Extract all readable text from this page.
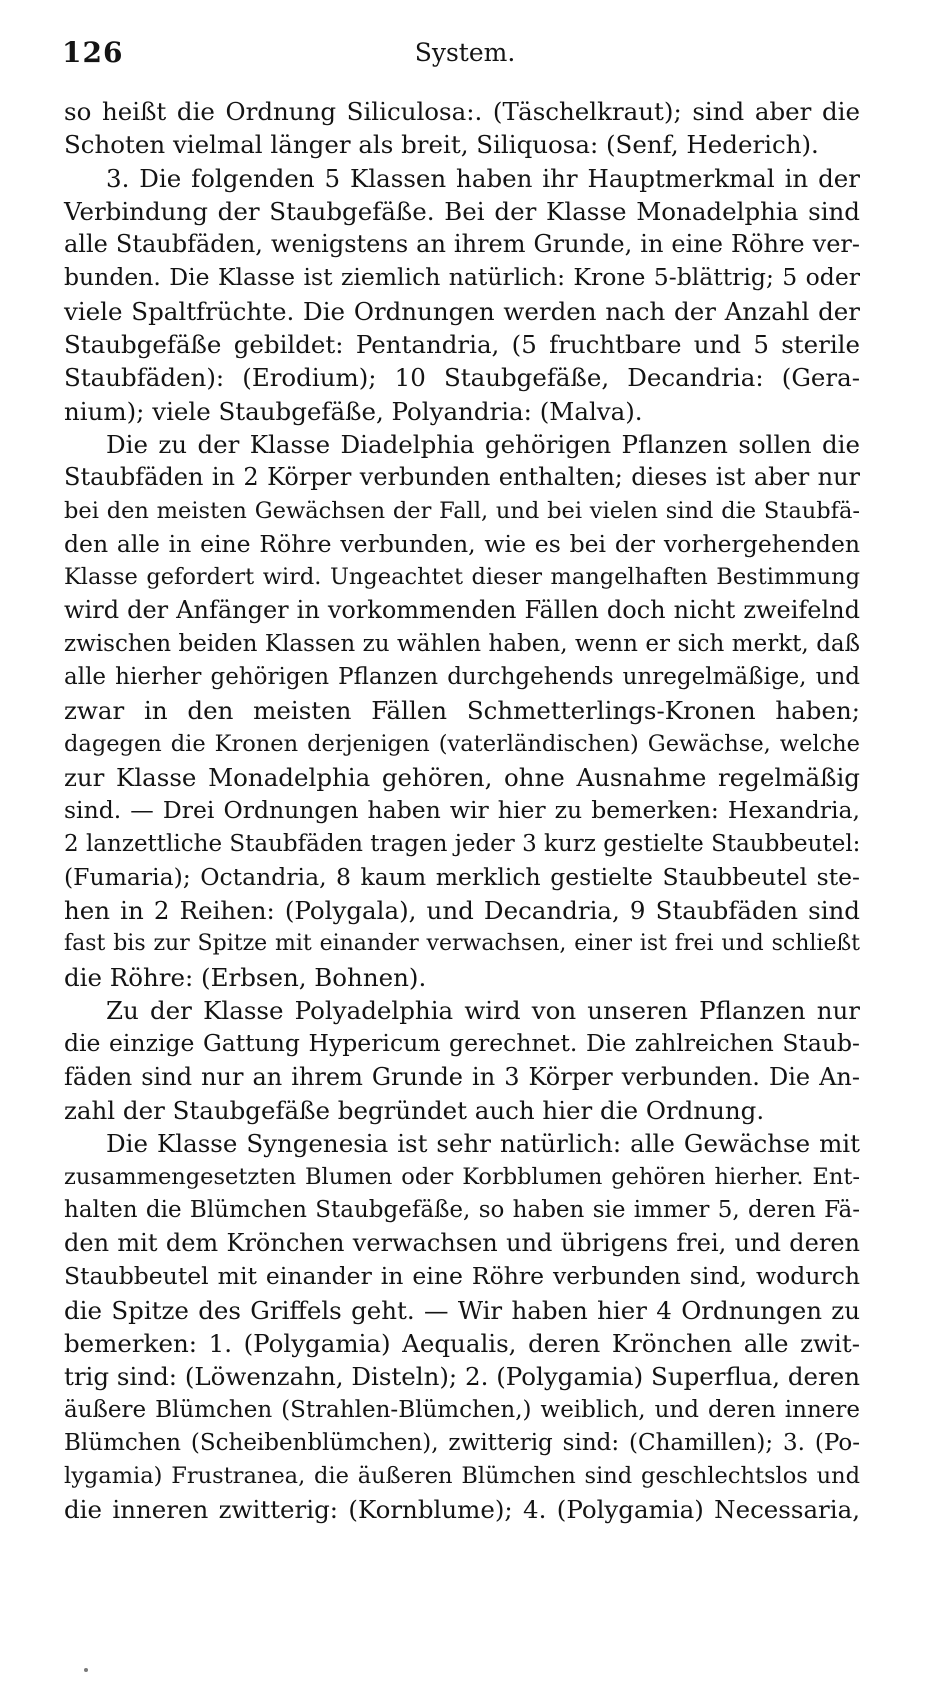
126	System.
so heißt die Ordnung Siliculosa:. (Täschelkraut); sind aber die
Schoten vielmal länger als breit, Siliquosa: (Senf, Hederich).
3. Die folgenden 5 Klassen haben ihr Hauptmerkmal in der
Verbindung der Staubgefäße. Bei der Klasse Monadelphia sind
alle Staubfäden, wenigstens an ihrem Grunde, in eine Röhre ver-
bunden. Die Klasse ist ziemlich natürlich: Krone 5-blättrig; 5 oder
viele Spaltfrüchte. Die Ordnungen werden nach der Anzahl der
Staubgefäße gebildet: Pentandria, (5 fruchtbare und 5 sterile
Staubfäden): (Erodium); 10 Staubgefäße, Decandria: (Gera-
nium); viele Staubgefäße, Polyandria: (Malva).
Die zu der Klasse Diadelphia gehörigen Pflanzen sollen die
Staubfäden in 2 Körper verbunden enthalten; dieses ist aber nur
bei den meisten Gewächsen der Fall, und bei vielen sind die Staubfä-
den alle in eine Röhre verbunden, wie es bei der vorhergehenden
Klasse gefordert wird. Ungeachtet dieser mangelhaften Bestimmung
wird der Anfänger in vorkommenden Fällen doch nicht zweifelnd
zwischen beiden Klassen zu wählen haben, wenn er sich merkt, daß
alle hierher gehörigen Pflanzen durchgehends unregelmäßige, und
zwar in den meisten Fällen Schmetterlings-Kronen haben;
dagegen die Kronen derjenigen (vaterländischen) Gewächse, welche
zur Klasse Monadelphia gehören, ohne Ausnahme regelmäßig
sind. — Drei Ordnungen haben wir hier zu bemerken: Hexandria,
2 lanzettliche Staubfäden tragen jeder 3 kurz gestielte Staubbeutel:
(Fumaria); Octandria, 8 kaum merklich gestielte Staubbeutel ste-
hen in 2 Reihen: (Polygala), und Decandria, 9 Staubfäden sind
fast bis zur Spitze mit einander verwachsen, einer ist frei und schließt
die Röhre: (Erbsen, Bohnen).
Zu der Klasse Polyadelphia wird von unseren Pflanzen nur
die einzige Gattung Hypericum gerechnet. Die zahlreichen Staub-
fäden sind nur an ihrem Grunde in 3 Körper verbunden. Die An-
zahl der Staubgefäße begründet auch hier die Ordnung.
Die Klasse Syngenesia ist sehr natürlich: alle Gewächse mit
zusammengesetzten Blumen oder Korbblumen gehören hierher. Ent-
halten die Blümchen Staubgefäße, so haben sie immer 5, deren Fä-
den mit dem Krönchen verwachsen und übrigens frei, und deren
Staubbeutel mit einander in eine Röhre verbunden sind, wodurch
die Spitze des Griffels geht. — Wir haben hier 4 Ordnungen zu
bemerken: 1. (Polygamia) Aequalis, deren Krönchen alle zwit-
trig sind: (Löwenzahn, Disteln); 2. (Polygamia) Superflua, deren
äußere Blümchen (Strahlen-Blümchen,) weiblich, und deren innere
Blümchen (Scheibenblümchen), zwitterig sind: (Chamillen); 3. (Po-
lygamia) Frustranea, die äußeren Blümchen sind geschlechtslos und
die inneren zwitterig: (Kornblume); 4. (Polygamia) Necessaria,
